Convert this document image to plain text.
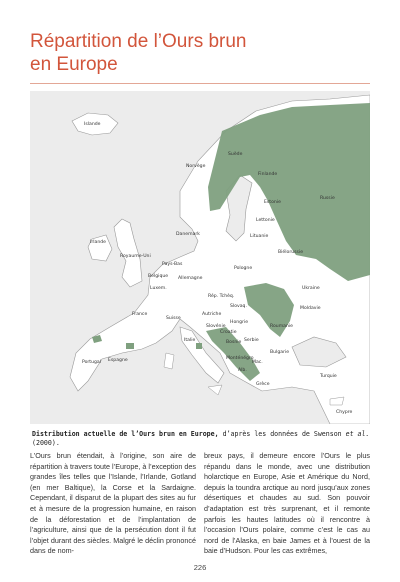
Répartition de l’Ours brun
en Europe
Islande
Suède
Finlande
Norvège
Russie
Estonie
Danemark
Lettonie
Lituanie
Irlande
Royaume-Uni
Biélorussie
Pays-Bas
Pologne
Allemagne
Belgique
Luxem.
Rép. Tchèq.
Ukraine
Slovaq.	Moldavie
France
Suisse
Autriche
Hongrie
Slovénie
Croatie
Roumanie
Bosnie Serbie
Italie
Monténégro
Bulgarie
Mac.
Alb.
Portugal Espagne
Grèce
Turquie
Chypre
Distribution actuelle de l’Ours brun en Europe, d’après les données de Swenson et al. (2000).
L’Ours brun étendait, à l’origine, son aire de répartition à travers toute l’Europe, à l’exception des grandes îles telles que l’Islande, l’Irlande, Gotland (en mer Baltique), la Corse et la Sardaigne. Cependant, il disparut de la plupart des sites au fur et à mesure de la progression humaine, en raison de la déforestation et de l’implantation de l’agriculture, ainsi que de la persécution dont il fut l’objet durant des siècles. Malgré le déclin prononcé dans de nom-
breux pays, il demeure encore l’Ours le plus répandu dans le monde, avec une distribution holarctique en Europe, Asie et Amérique du Nord, depuis la toundra arctique au nord jusqu’aux zones désertiques et chaudes au sud. Son pouvoir d’adaptation est très surprenant, et il remonte parfois les hautes latitudes où il rencontre à l’occasion l’Ours polaire, comme c’est le cas au nord de l’Alaska, en baie James et à l’ouest de la baie d’Hudson. Pour les cas extrêmes,
226
